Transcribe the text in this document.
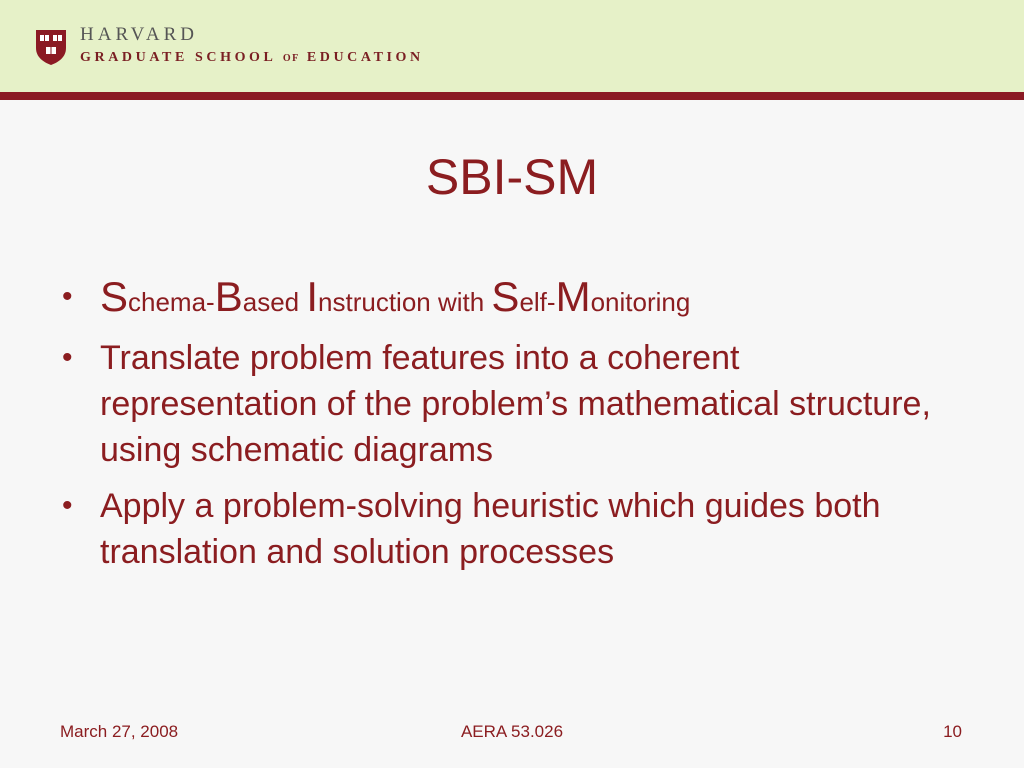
HARVARD
GRADUATE SCHOOL OF EDUCATION
SBI-SM
• Schema-Based Instruction with Self-Monitoring
• Translate problem features into a coherent representation of the problem’s mathematical structure, using schematic diagrams
• Apply a problem-solving heuristic which guides both translation and solution processes
March 27, 2008	AERA 53.026	10
